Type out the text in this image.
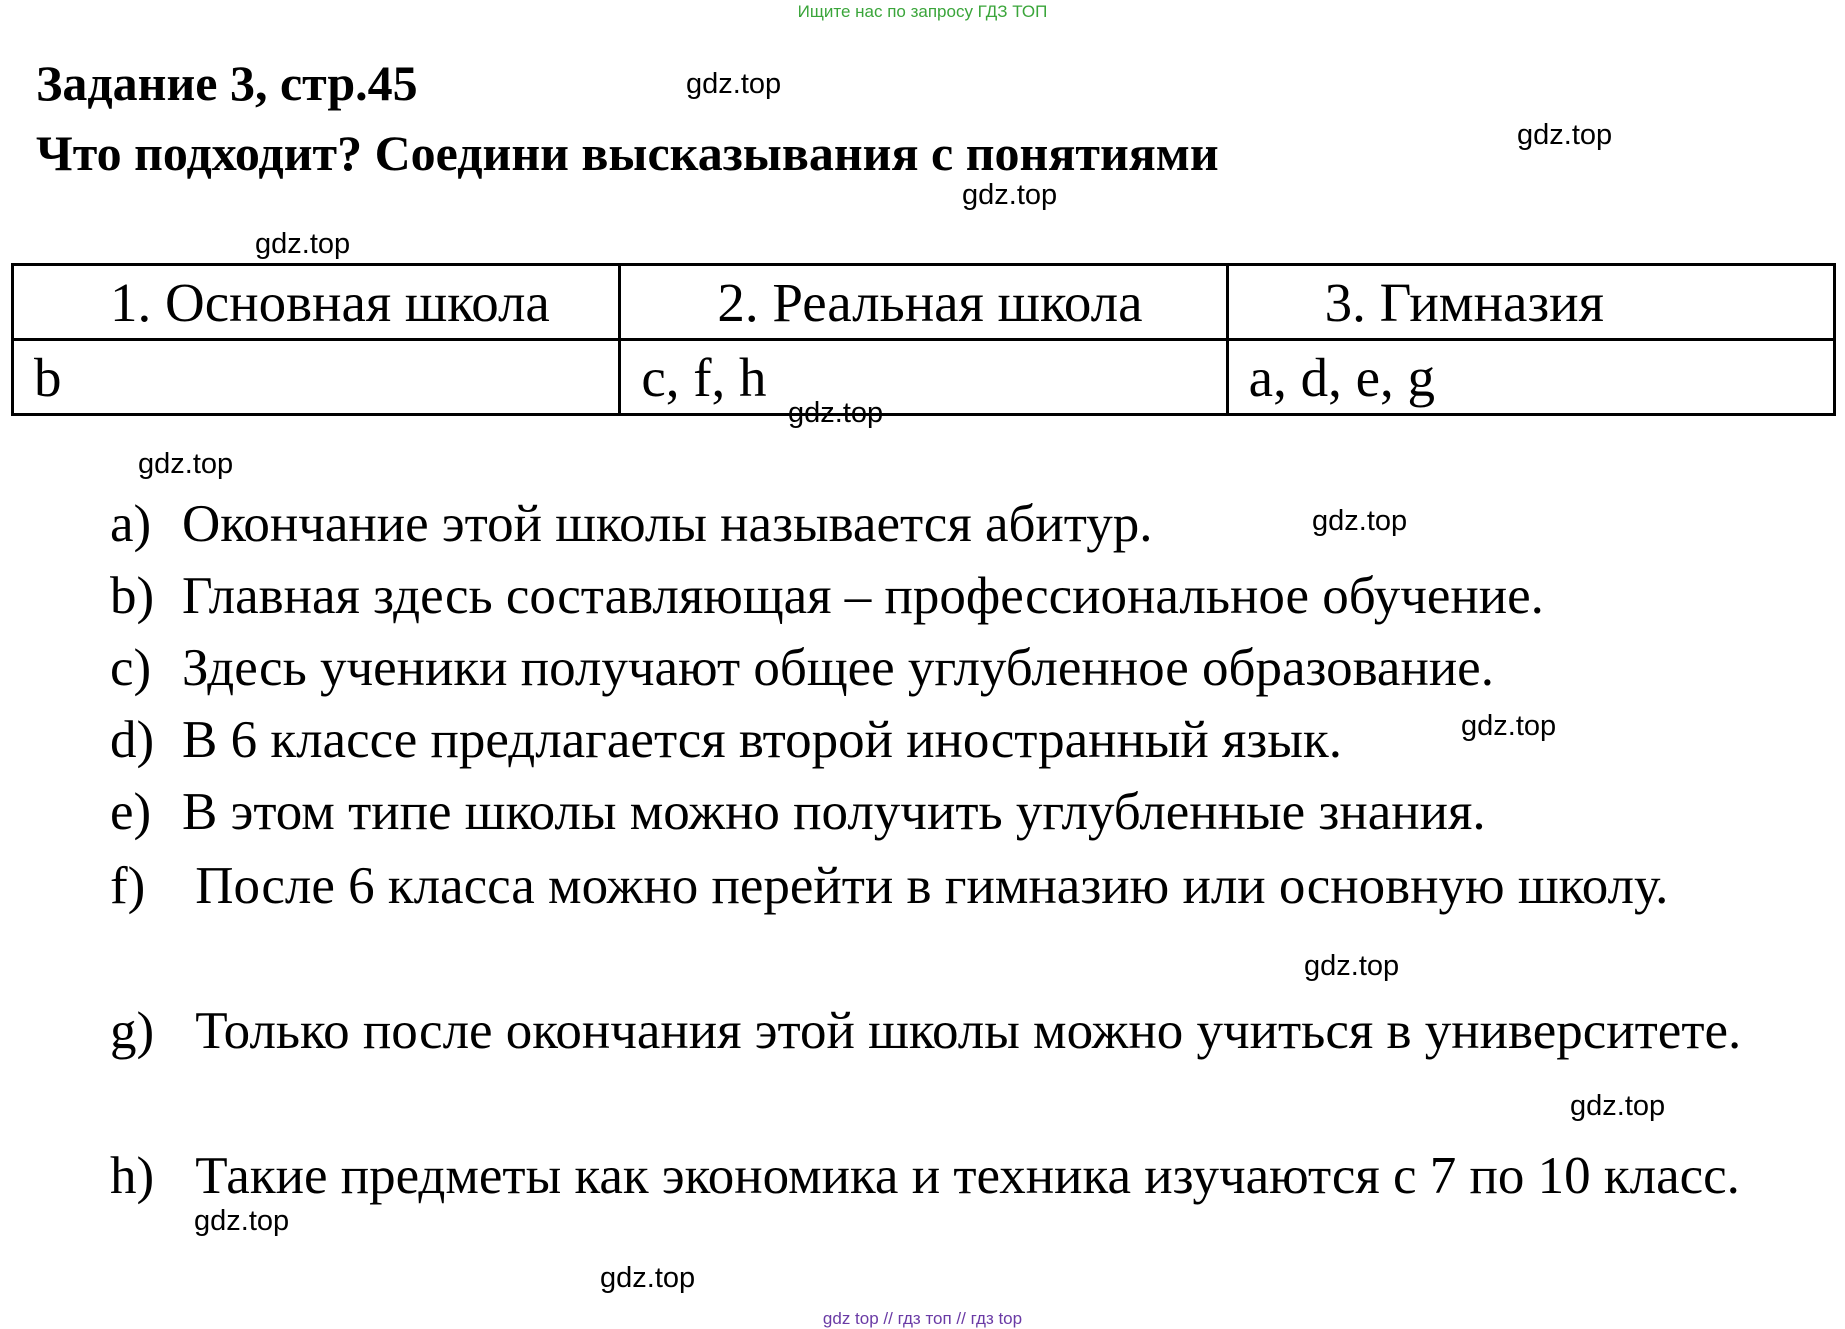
Ищите нас по запросу ГДЗ ТОП
Задание 3, стр.45
Что подходит? Соедини высказывания с понятиями
gdz.top
gdz.top
gdz.top
gdz.top
gdz.top
gdz.top
gdz.top
gdz.top
gdz.top
gdz.top
gdz.top
gdz.top
1. Основная школа	2. Реальная школа	3. Гимназия
b	c, f, h	a, d, e, g

a) Окончание этой школы называется абитур.

b) Главная здесь составляющая – профессиональное обучение.

c) Здесь ученики получают общее углубленное образование.

d) В 6 классе предлагается второй иностранный язык.

e) В этом типе школы можно получить углубленные знания.

f) После 6 класса можно перейти в гимназию или основную школу.

g) Только после окончания этой школы можно учиться в университете.

h) Такие предметы как экономика и техника изучаются с 7 по 10 класс.

gdz top // гдз топ // гдз top
